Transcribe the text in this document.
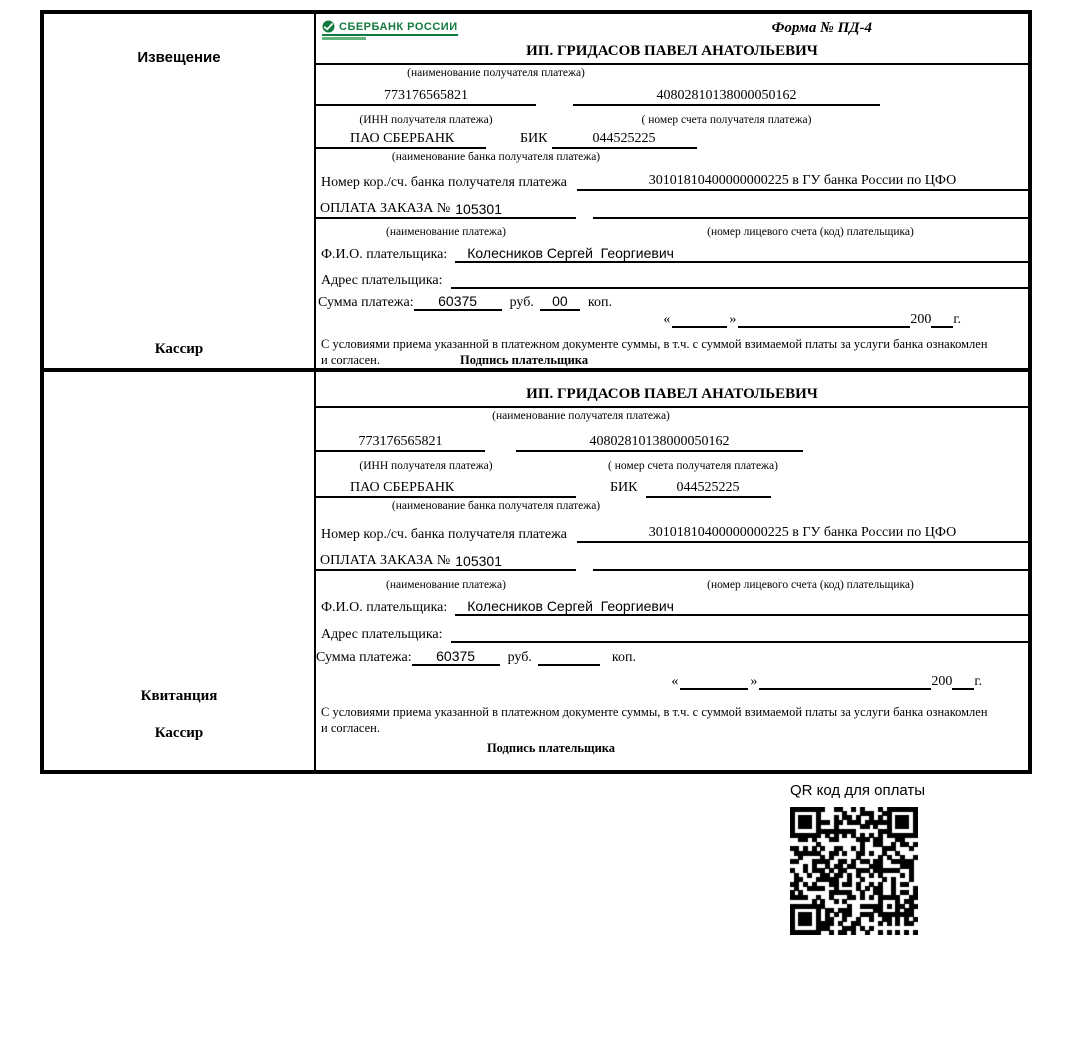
Извещение
Кассир
СБЕРБАНК РОССИИ	Форма № ПД-4
ИП. ГРИДАСОВ ПАВЕЛ АНАТОЛЬЕВИЧ
(наименование получателя платежа)
773176565821	40802810138000050162
(ИНН получателя платежа)	( номер счета получателя платежа)
ПАО СБЕРБАНК	БИК	044525225
(наименование банка получателя платежа)
Номер кор./сч. банка получателя платежа	30101810400000000225 в ГУ банка России по ЦФО
ОПЛАТА ЗАКАЗА № 105301
(наименование платежа)	(номер лицевого счета (код) плательщика)
Ф.И.О. плательщика:	Колесников Сергей  Георгиевич
Адрес плательщика:
Сумма платежа:	60375	руб.	00	коп.
«	»	200 г.
С условиями приема указанной в платежном документе суммы, в т.ч. с суммой взимаемой платы за услуги банка ознакомлен и согласен.	Подпись плательщика
Квитанция
Кассир
ИП. ГРИДАСОВ ПАВЕЛ АНАТОЛЬЕВИЧ
(наименование получателя платежа)
773176565821	40802810138000050162
(ИНН получателя платежа)	( номер счета получателя платежа)
ПАО СБЕРБАНК	БИК	044525225
(наименование банка получателя платежа)
Номер кор./сч. банка получателя платежа	30101810400000000225 в ГУ банка России по ЦФО
ОПЛАТА ЗАКАЗА № 105301
(наименование платежа)	(номер лицевого счета (код) плательщика)
Ф.И.О. плательщика:	Колесников Сергей  Георгиевич
Адрес плательщика:
Сумма платежа:	60375	руб.	коп.
«	»	200 г.
С условиями приема указанной в платежном документе суммы, в т.ч. с суммой взимаемой платы за услуги банка ознакомлен и согласен.
Подпись плательщика
QR код для оплаты
